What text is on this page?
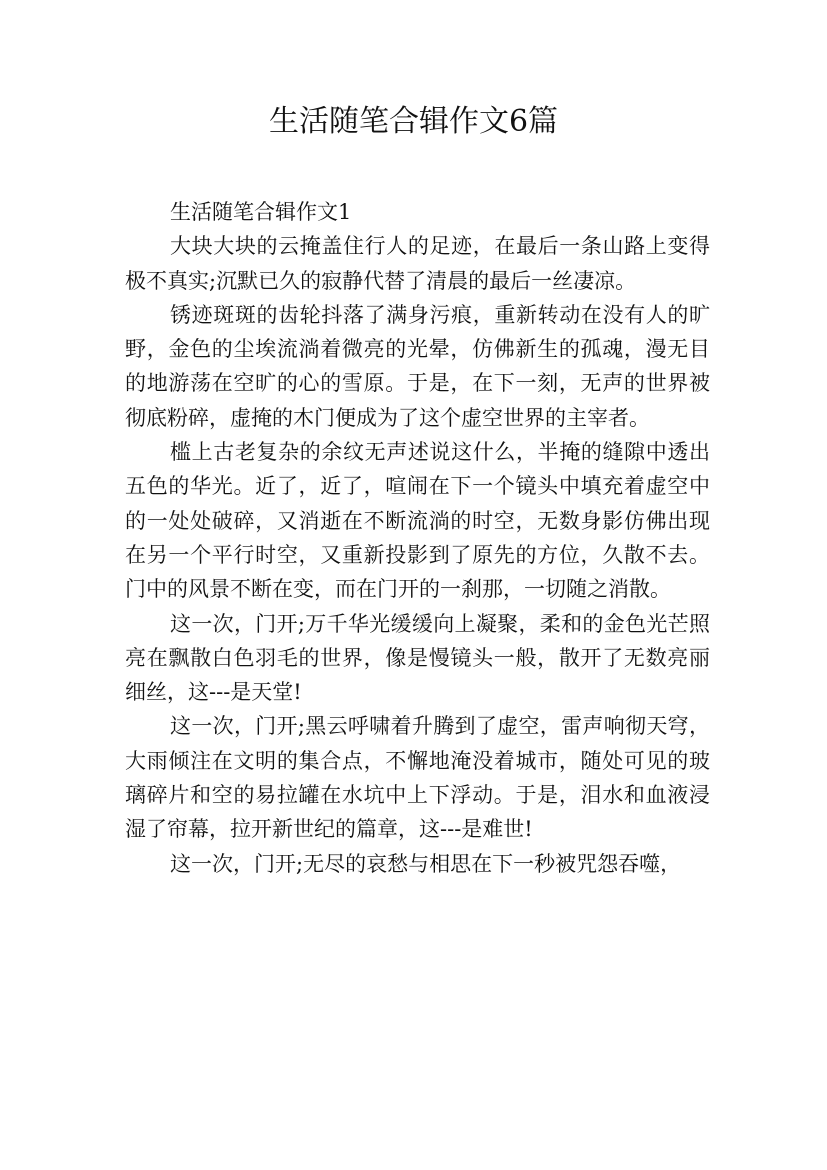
生活随笔合辑作文6篇

生活随笔合辑作文1

大块大块的云掩盖住行人的足迹，在最后一条山路上变得极不真实;沉默已久的寂静代替了清晨的最后一丝凄凉。

锈迹斑斑的齿轮抖落了满身污痕，重新转动在没有人的旷野，金色的尘埃流淌着微亮的光晕，仿佛新生的孤魂，漫无目的地游荡在空旷的心的雪原。于是，在下一刻，无声的世界被彻底粉碎，虚掩的木门便成为了这个虚空世界的主宰者。

槛上古老复杂的余纹无声述说这什么，半掩的缝隙中透出五色的华光。近了，近了，喧闹在下一个镜头中填充着虚空中的一处处破碎，又消逝在不断流淌的时空，无数身影仿佛出现在另一个平行时空，又重新投影到了原先的方位，久散不去。门中的风景不断在变，而在门开的一刹那，一切随之消散。

这一次，门开;万千华光缓缓向上凝聚，柔和的金色光芒照亮在飘散白色羽毛的世界，像是慢镜头一般，散开了无数亮丽细丝，这---是天堂!

这一次，门开;黑云呼啸着升腾到了虚空，雷声响彻天穹，大雨倾注在文明的集合点，不懈地淹没着城市，随处可见的玻璃碎片和空的易拉罐在水坑中上下浮动。于是，泪水和血液浸湿了帘幕，拉开新世纪的篇章，这---是难世!

这一次，门开;无尽的哀愁与相思在下一秒被咒怨吞噬，
